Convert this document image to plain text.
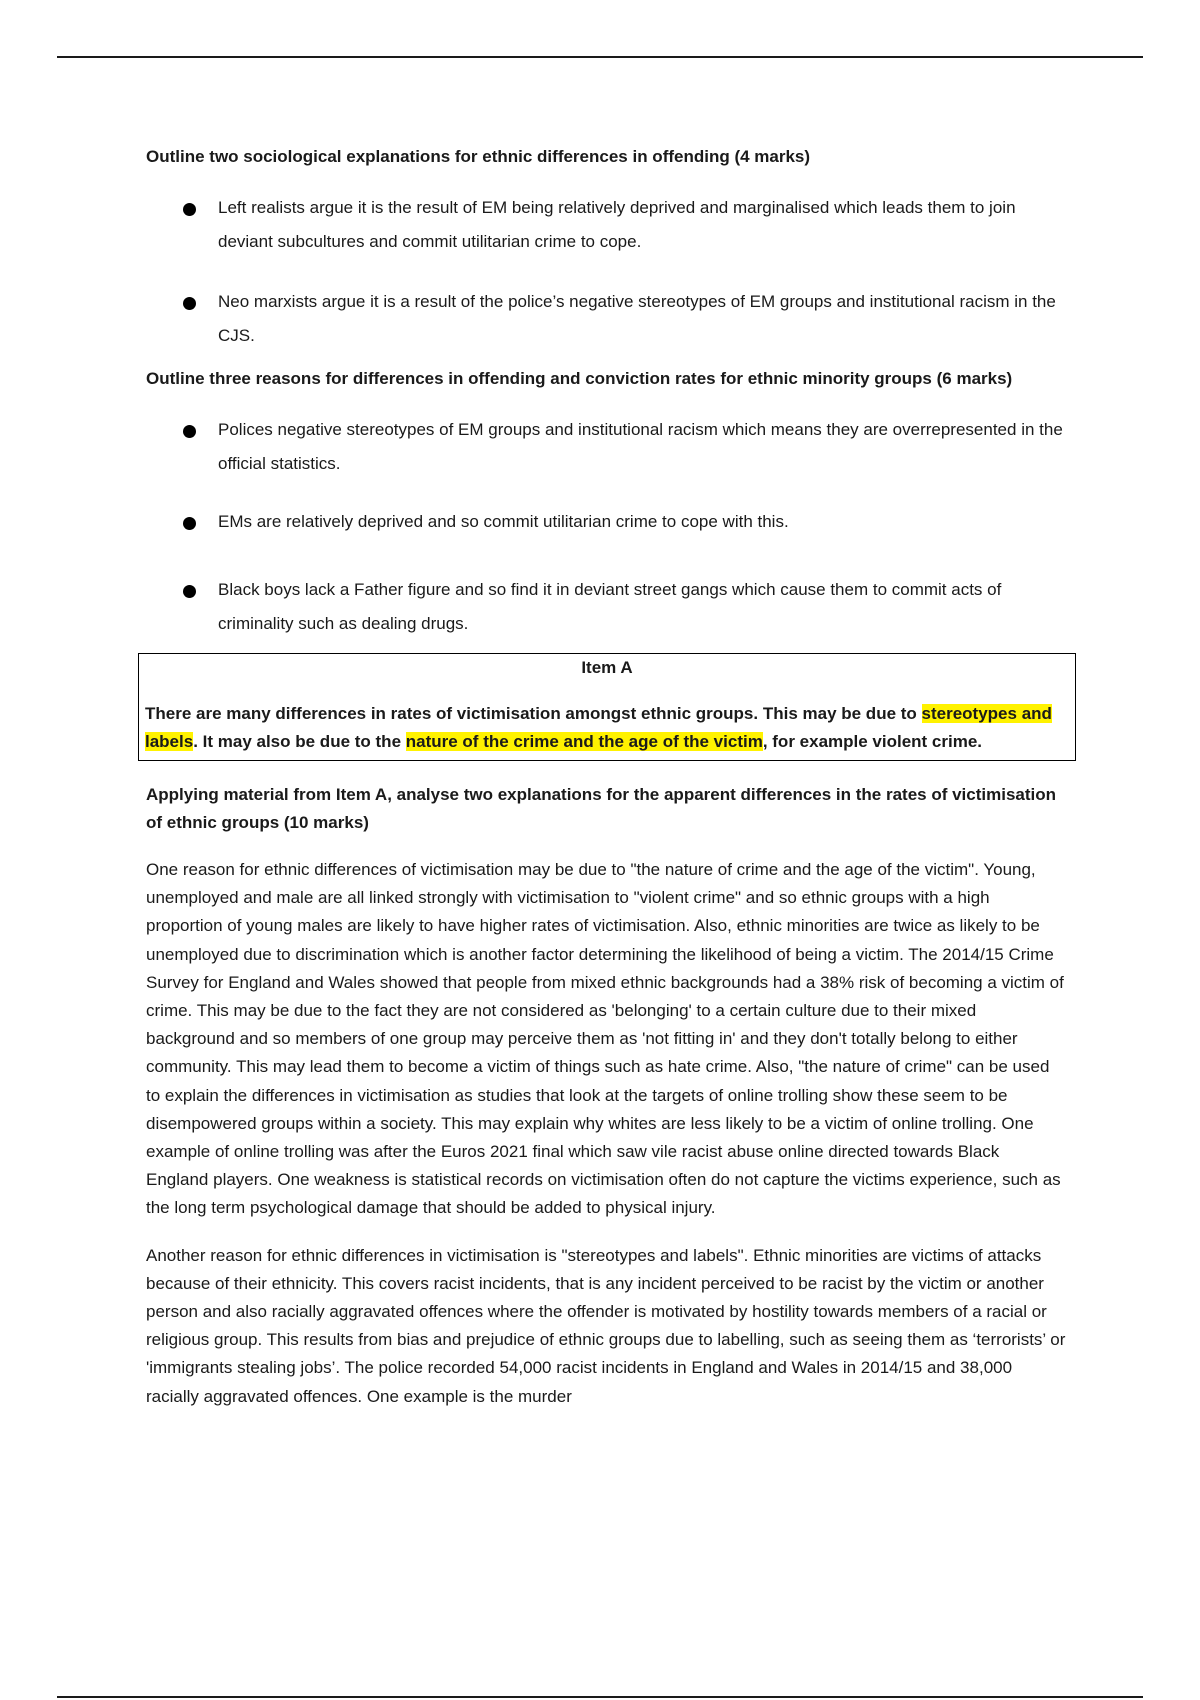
Outline two sociological explanations for ethnic differences in offending (4 marks)

Left realists argue it is the result of EM being relatively deprived and marginalised which leads them to join deviant subcultures and commit utilitarian crime to cope.
Neo marxists argue it is a result of the police’s negative stereotypes of EM groups and institutional racism in the CJS.

Outline three reasons for differences in offending and conviction rates for ethnic minority groups (6 marks)

Polices negative stereotypes of EM groups and institutional racism which means they are overrepresented in the official statistics.
EMs are relatively deprived and so commit utilitarian crime to cope with this.
Black boys lack a Father figure and so find it in deviant street gangs which cause them to commit acts of criminality such as dealing drugs.
Item A
There are many differences in rates of victimisation amongst ethnic groups. This may be due to stereotypes and labels. It may also be due to the nature of the crime and the age of the victim, for example violent crime.

Applying material from Item A, analyse two explanations for the apparent differences in the rates of victimisation of ethnic groups (10 marks)

One reason for ethnic differences of victimisation may be due to "the nature of crime and the age of the victim". Young, unemployed and male are all linked strongly with victimisation to "violent crime" and so ethnic groups with a high proportion of young males are likely to have higher rates of victimisation. Also, ethnic minorities are twice as likely to be unemployed due to discrimination which is another factor determining the likelihood of being a victim. The 2014/15 Crime Survey for England and Wales showed that people from mixed ethnic backgrounds had a 38% risk of becoming a victim of crime. This may be due to the fact they are not considered as 'belonging' to a certain culture due to their mixed background and so members of one group may perceive them as 'not fitting in' and they don't totally belong to either community. This may lead them to become a victim of things such as hate crime. Also, "the nature of crime" can be used to explain the differences in victimisation as studies that look at the targets of online trolling show these seem to be disempowered groups within a society. This may explain why whites are less likely to be a victim of online trolling. One example of online trolling was after the Euros 2021 final which saw vile racist abuse online directed towards Black England players. One weakness is statistical records on victimisation often do not capture the victims experience, such as the long term psychological damage that should be added to physical injury.

Another reason for ethnic differences in victimisation is "stereotypes and labels". Ethnic minorities are victims of attacks because of their ethnicity. This covers racist incidents, that is any incident perceived to be racist by the victim or another person and also racially aggravated offences where the offender is motivated by hostility towards members of a racial or religious group. This results from bias and prejudice of ethnic groups due to labelling, such as seeing them as ‘terrorists’ or 'immigrants stealing jobs’. The police recorded 54,000 racist incidents in England and Wales in 2014/15 and 38,000 racially aggravated offences. One example is the murder
